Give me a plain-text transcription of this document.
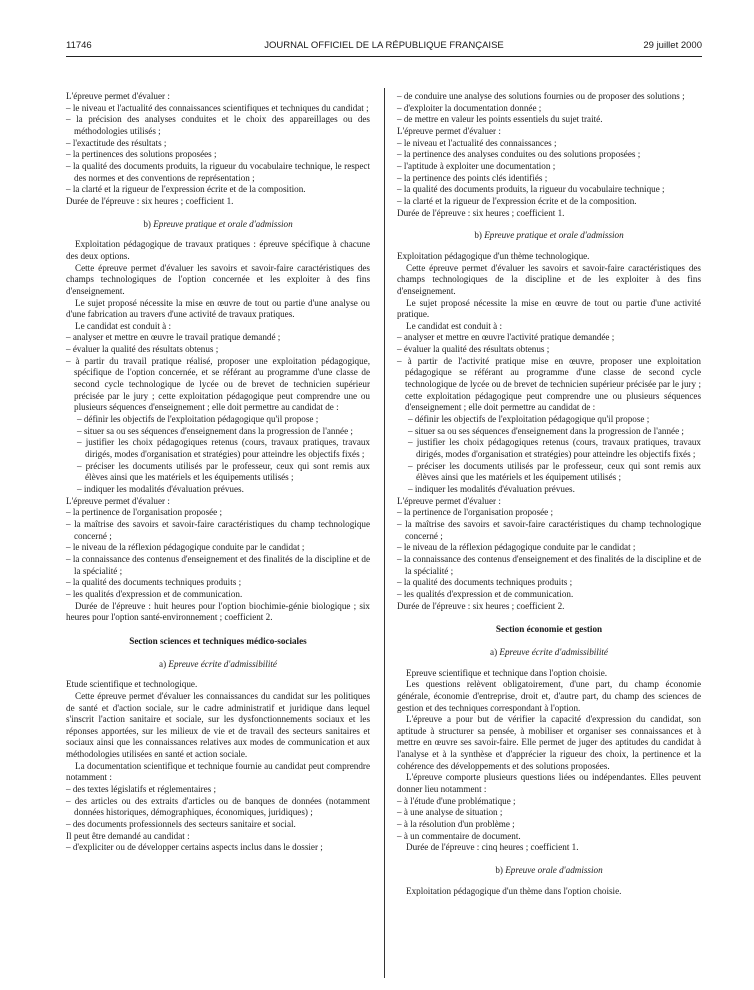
11746	JOURNAL OFFICIEL DE LA RÉPUBLIQUE FRANÇAISE	29 juillet 2000

L'épreuve permet d'évaluer :

– le niveau et l'actualité des connaissances scientifiques et techniques du candidat ;

– la précision des analyses conduites et le choix des appareillages ou des méthodologies utilisés ;

– l'exactitude des résultats ;

– la pertinences des solutions proposées ;

– la qualité des documents produits, la rigueur du vocabulaire technique, le respect des normes et des conventions de représentation ;

– la clarté et la rigueur de l'expression écrite et de la composition.

Durée de l'épreuve : six heures ; coefficient 1.

b) Epreuve pratique et orale d'admission

Exploitation pédagogique de travaux pratiques : épreuve spécifique à chacune des deux options.

Cette épreuve permet d'évaluer les savoirs et savoir-faire caractéristiques des champs technologiques de l'option concernée et les exploiter à des fins d'enseignement.

Le sujet proposé nécessite la mise en œuvre de tout ou partie d'une analyse ou d'une fabrication au travers d'une activité de travaux pratiques.

Le candidat est conduit à :

– analyser et mettre en œuvre le travail pratique demandé ;

– évaluer la qualité des résultats obtenus ;

– à partir du travail pratique réalisé, proposer une exploitation pédagogique, spécifique de l'option concernée, et se référant au programme d'une classe de second cycle technologique de lycée ou de brevet de technicien supérieur précisée par le jury ; cette exploitation pédagogique peut comprendre une ou plusieurs séquences d'enseignement ; elle doit permettre au candidat de :

– définir les objectifs de l'exploitation pédagogique qu'il propose ;

– situer sa ou ses séquences d'enseignement dans la progression de l'année ;

– justifier les choix pédagogiques retenus (cours, travaux pratiques, travaux dirigés, modes d'organisation et stratégies) pour atteindre les objectifs fixés ;

– préciser les documents utilisés par le professeur, ceux qui sont remis aux élèves ainsi que les matériels et les équipements utilisés ;

– indiquer les modalités d'évaluation prévues.

L'épreuve permet d'évaluer :

– la pertinence de l'organisation proposée ;

– la maîtrise des savoirs et savoir-faire caractéristiques du champ technologique concerné ;

– le niveau de la réflexion pédagogique conduite par le candidat ;

– la connaissance des contenus d'enseignement et des finalités de la discipline et de la spécialité ;

– la qualité des documents techniques produits ;

– les qualités d'expression et de communication.

Durée de l'épreuve : huit heures pour l'option biochimie-génie biologique ; six heures pour l'option santé-environnement ; coefficient 2.

Section sciences et techniques médico-sociales

a) Epreuve écrite d'admissibilité

Etude scientifique et technologique.

Cette épreuve permet d'évaluer les connaissances du candidat sur les politiques de santé et d'action sociale, sur le cadre administratif et juridique dans lequel s'inscrit l'action sanitaire et sociale, sur les dysfonctionnements sociaux et les réponses apportées, sur les milieux de vie et de travail des secteurs sanitaires et sociaux ainsi que les connaissances relatives aux modes de communication et aux méthodologies utilisées en santé et action sociale.

La documentation scientifique et technique fournie au candidat peut comprendre notamment :

– des textes législatifs et réglementaires ;

– des articles ou des extraits d'articles ou de banques de données (notamment données historiques, démographiques, économiques, juridiques) ;

– des documents professionnels des secteurs sanitaire et social.

Il peut être demandé au candidat :

– d'expliciter ou de développer certains aspects inclus dans le dossier ;

– de conduire une analyse des solutions fournies ou de proposer des solutions ;

– d'exploiter la documentation donnée ;

– de mettre en valeur les points essentiels du sujet traité.

L'épreuve permet d'évaluer :

– le niveau et l'actualité des connaissances ;

– la pertinence des analyses conduites ou des solutions proposées ;

– l'aptitude à exploiter une documentation ;

– la pertinence des points clés identifiés ;

– la qualité des documents produits, la rigueur du vocabulaire technique ;

– la clarté et la rigueur de l'expression écrite et de la composition.

Durée de l'épreuve : six heures ; coefficient 1.

b) Epreuve pratique et orale d'admission

Exploitation pédagogique d'un thème technologique.

Cette épreuve permet d'évaluer les savoirs et savoir-faire caractéristiques des champs technologiques de la discipline et de les exploiter à des fins d'enseignement.

Le sujet proposé nécessite la mise en œuvre de tout ou partie d'une activité pratique.

Le candidat est conduit à :

– analyser et mettre en œuvre l'activité pratique demandée ;

– évaluer la qualité des résultats obtenus ;

– à partir de l'activité pratique mise en œuvre, proposer une exploitation pédagogique se référant au programme d'une classe de second cycle technologique de lycée ou de brevet de technicien supérieur précisée par le jury ; cette exploitation pédagogique peut comprendre une ou plusieurs séquences d'enseignement ; elle doit permettre au candidat de :

– définir les objectifs de l'exploitation pédagogique qu'il propose ;

– situer sa ou ses séquences d'enseignement dans la progression de l'année ;

– justifier les choix pédagogiques retenus (cours, travaux pratiques, travaux dirigés, modes d'organisation et stratégies) pour atteindre les objectifs fixés ;

– préciser les documents utilisés par le professeur, ceux qui sont remis aux élèves ainsi que les matériels et les équipement utilisés ;

– indiquer les modalités d'évaluation prévues.

L'épreuve permet d'évaluer :

– la pertinence de l'organisation proposée ;

– la maîtrise des savoirs et savoir-faire caractéristiques du champ technologique concerné ;

– le niveau de la réflexion pédagogique conduite par le candidat ;

– la connaissance des contenus d'enseignement et des finalités de la discipline et de la spécialité ;

– la qualité des documents techniques produits ;

– les qualités d'expression et de communication.

Durée de l'épreuve : six heures ; coefficient 2.

Section économie et gestion

a) Epreuve écrite d'admissibilité

Epreuve scientifique et technique dans l'option choisie.

Les questions relèvent obligatoirement, d'une part, du champ économie générale, économie d'entreprise, droit et, d'autre part, du champ des sciences de gestion et des techniques correspondant à l'option.

L'épreuve a pour but de vérifier la capacité d'expression du candidat, son aptitude à structurer sa pensée, à mobiliser et organiser ses connaissances et à mettre en œuvre ses savoir-faire. Elle permet de juger des aptitudes du candidat à l'analyse et à la synthèse et d'apprécier la rigueur des choix, la pertinence et la cohérence des développements et des solutions proposées.

L'épreuve comporte plusieurs questions liées ou indépendantes. Elles peuvent donner lieu notamment :

– à l'étude d'une problématique ;

– à une analyse de situation ;

– à la résolution d'un problème ;

– à un commentaire de document.

Durée de l'épreuve : cinq heures ; coefficient 1.

b) Epreuve orale d'admission

Exploitation pédagogique d'un thème dans l'option choisie.
